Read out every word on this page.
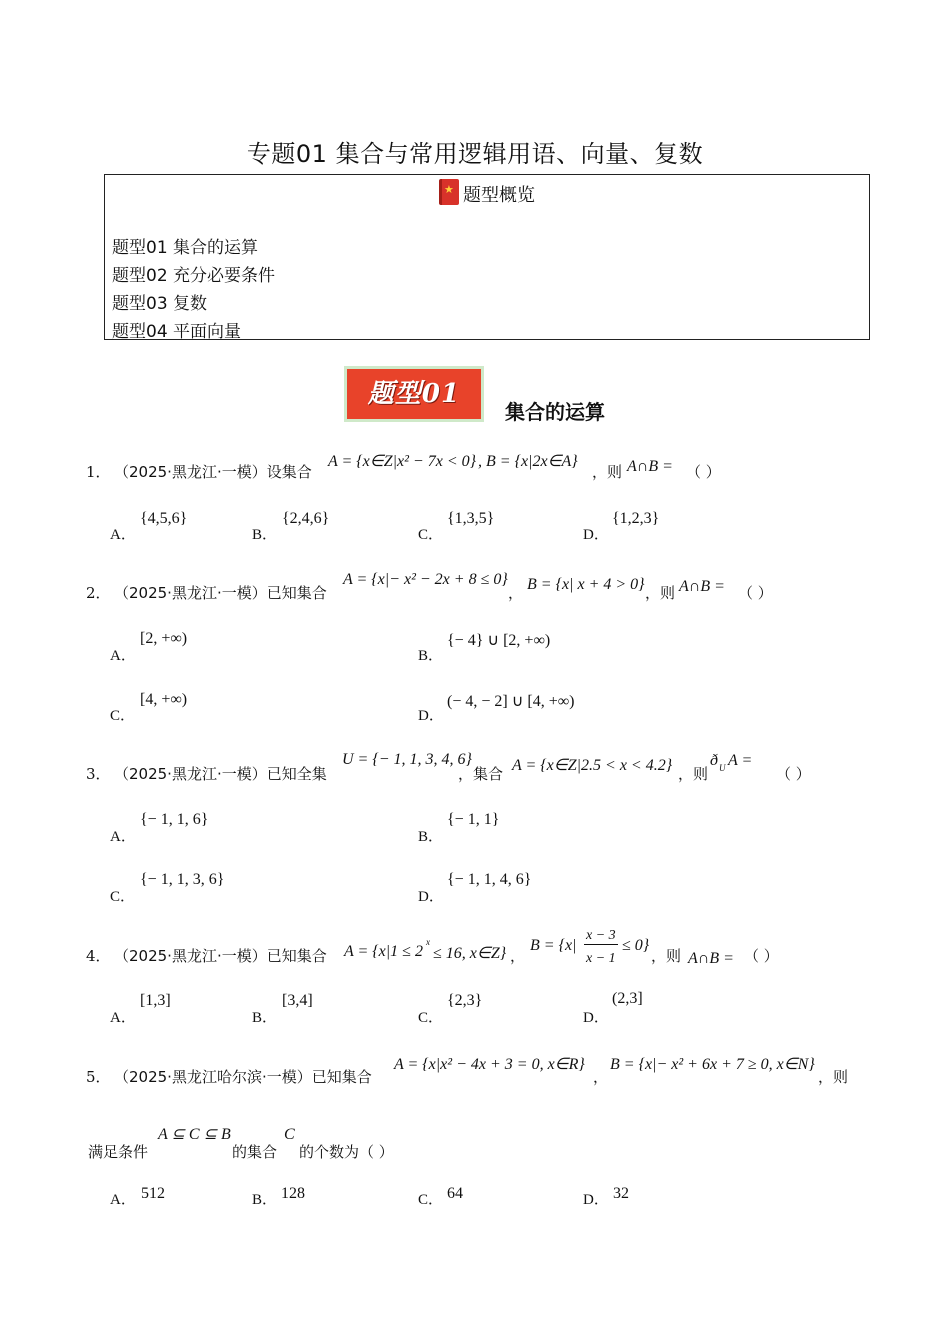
专题01 集合与常用逻辑用语、向量、复数
★题型概览
题型01 集合的运算
题型02 充分必要条件
题型03 复数
题型04 平面向量
题型01
集合的运算
1． （2025·黑龙江·一模）设集合
A = {x∈Z|x² − 7x < 0} , B = {x|2x∈A}
，则 A∩B = （ ）
A．
{4,5,6}
B．
{2,4,6}
C．
{1,3,5}
D．
{1,2,3}
2． （2025·黑龙江·一模）已知集合
A = {x|− x² − 2x + 8 ≤ 0}
， B = {x| x + 4 > 0} ，则 A∩B = （ ）
A．
[2, +∞)
B．
{− 4} ∪ [2, +∞)
C．
[4, +∞)
D．
(− 4, − 2] ∪ [4, +∞)
3． （2025·黑龙江·一模）已知全集
U = {− 1, 1, 3, 4, 6}
，集合 A = {x∈Z|2.5 < x < 4.2} ，则
ð U A =
（ ）
A．
{− 1, 1, 6}
B．
{− 1, 1}
C．
{− 1, 1, 3, 6}
D．
{− 1, 1, 4, 6}
4． （2025·黑龙江·一模）已知集合 A = {x|1 ≤ 2
x
≤ 16, x∈Z} ，
B = {x|
x − 3
x − 1
≤ 0}
，则 A∩B = （ ）
A．
[1,3]
B．
[3,4]
C．
{2,3}
D．
(2,3]
5． （2025·黑龙江哈尔滨·一模）已知集合
A = {x|x² − 4x + 3 = 0, x∈R}
，
B = {x|− x² + 6x + 7 ≥ 0, x∈N}
，则
满足条件
A ⊆ C ⊆ B
的集合
C
的个数为（ ）
A． 512	B． 128	C． 64	D． 32
